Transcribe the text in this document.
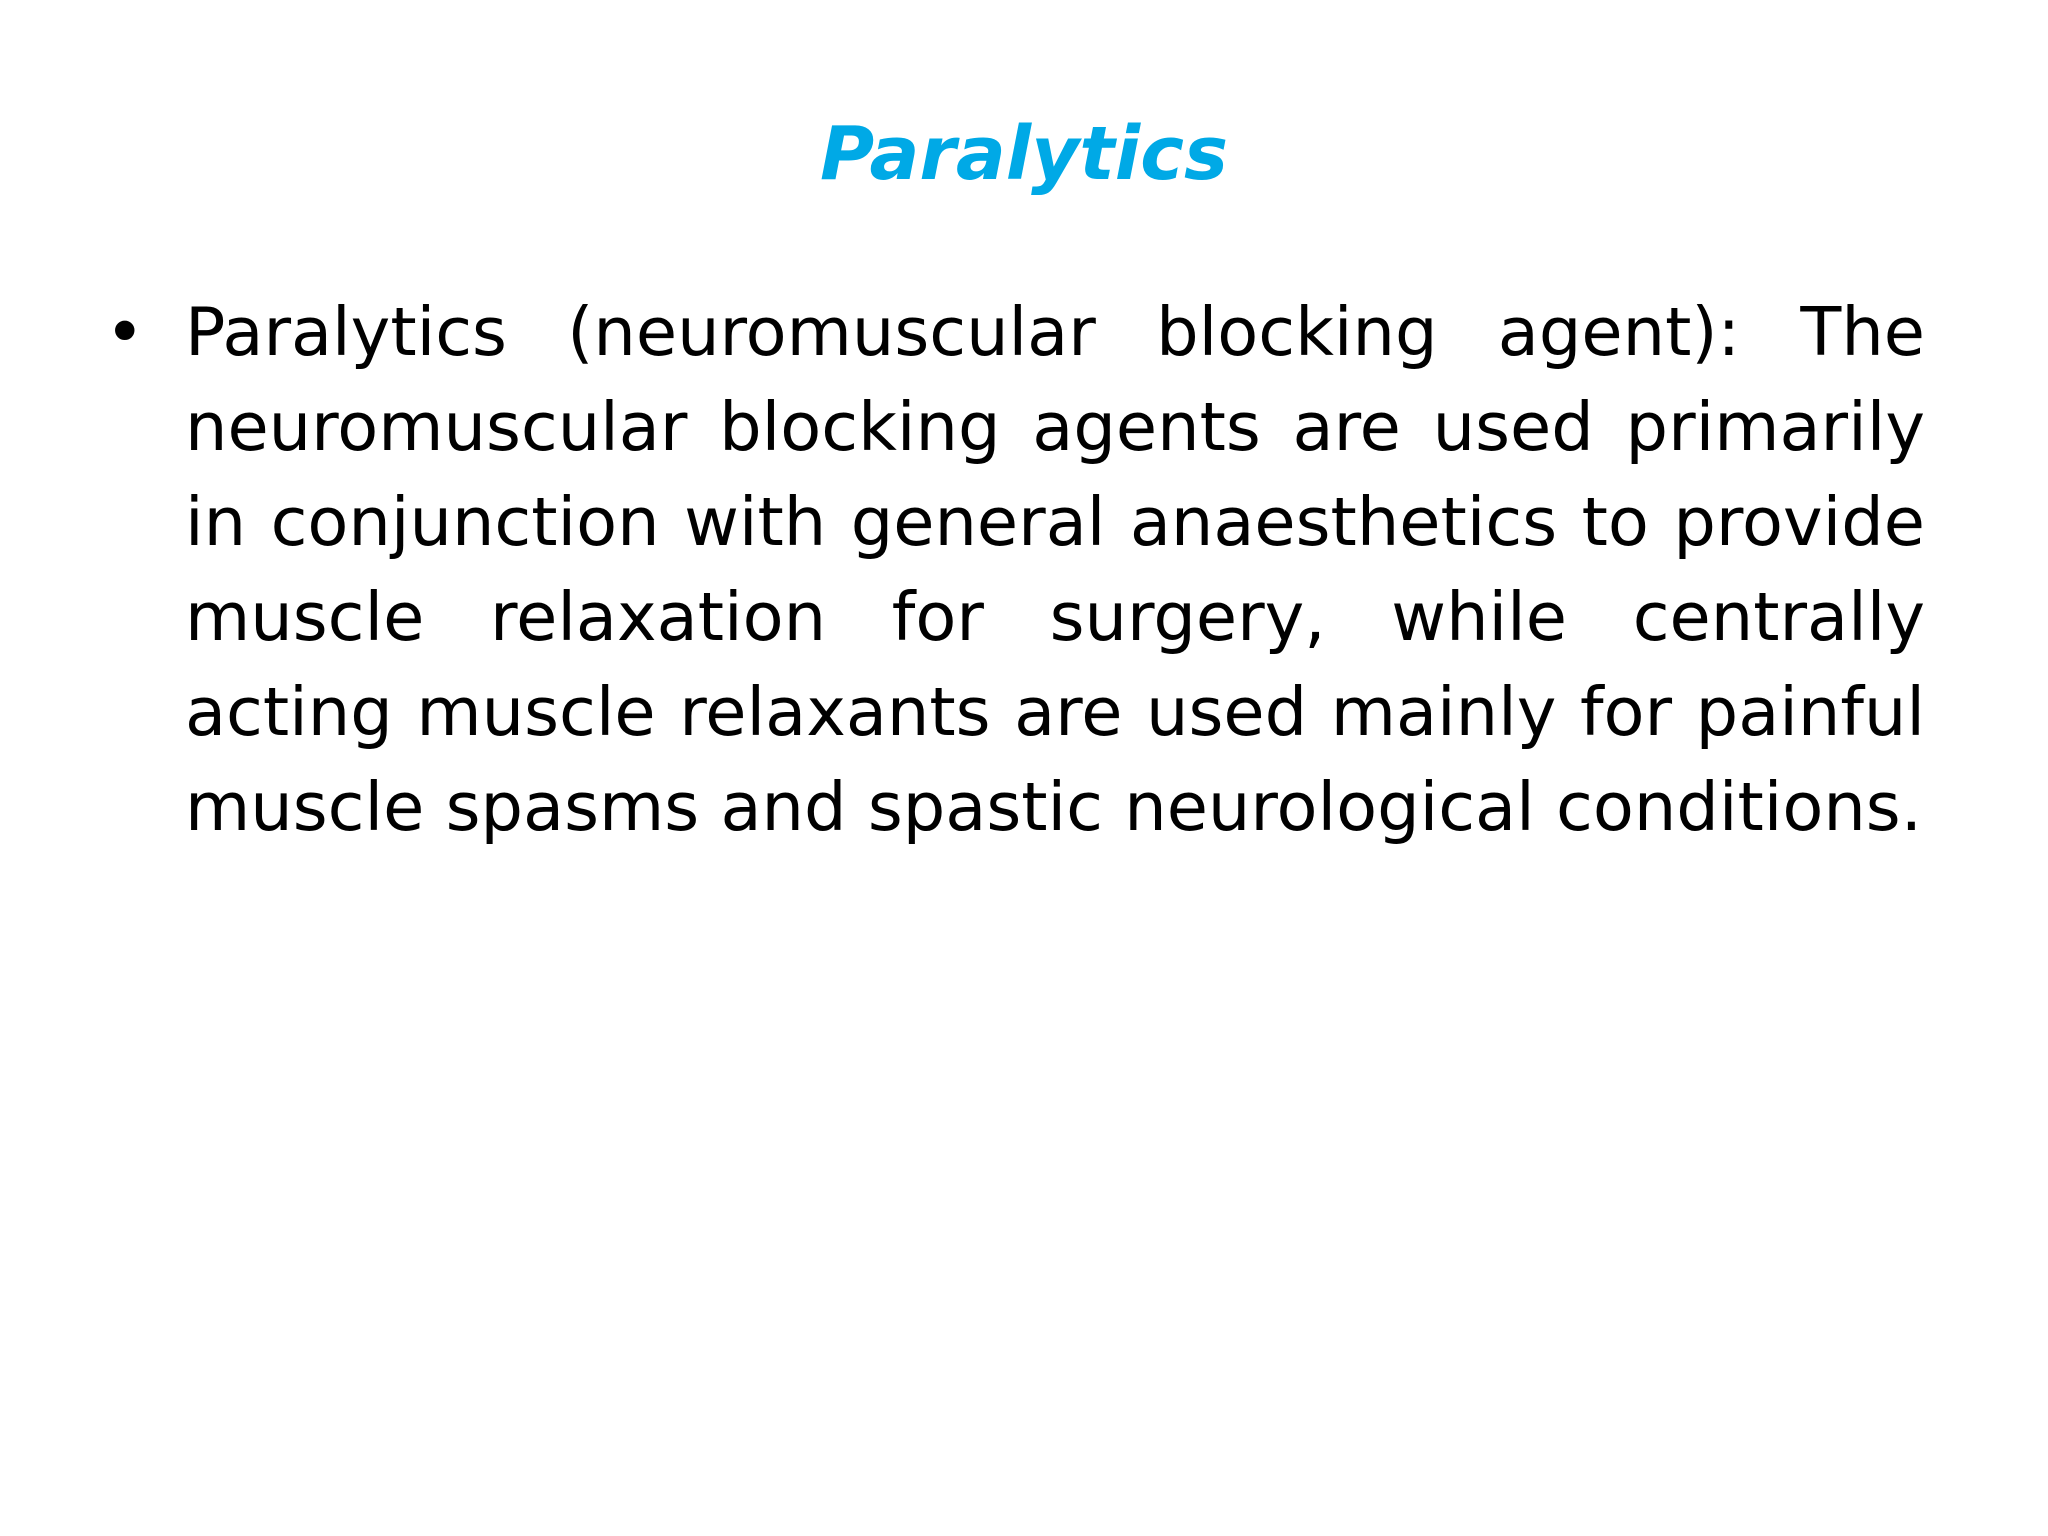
Paralytics
• Paralytics (neuromuscular blocking agent): The neuromuscular blocking agents are used primarily in conjunction with general anaesthetics to provide muscle relaxation for surgery, while centrally acting muscle relaxants are used mainly for painful muscle spasms and spastic neurological conditions.
